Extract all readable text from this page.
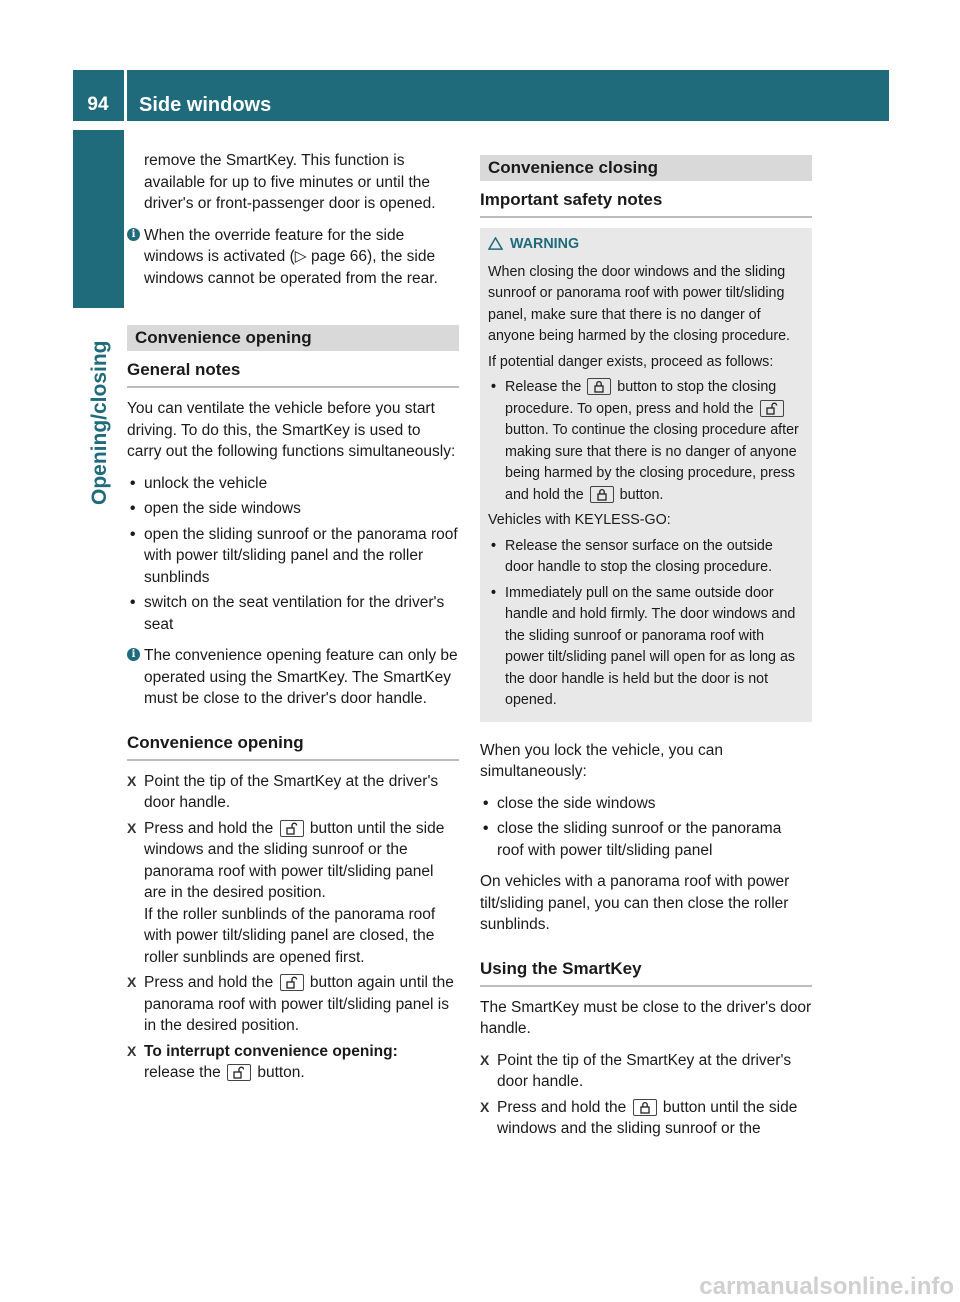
94	Side windows
Opening/closing

remove the SmartKey. This function is available for up to five minutes or until the driver's or front-passenger door is opened.

i When the override feature for the side windows is activated (▷ page 66), the side windows cannot be operated from the rear.
Convenience opening
General notes

You can ventilate the vehicle before you start driving. To do this, the SmartKey is used to carry out the following functions simultaneously:

• unlock the vehicle
• open the side windows
• open the sliding sunroof or the panorama roof with power tilt/sliding panel and the roller sunblinds
• switch on the seat ventilation for the driver's seat
i The convenience opening feature can only be operated using the SmartKey. The SmartKey must be close to the driver's door handle.
Convenience opening
X Point the tip of the SmartKey at the driver's door handle.
X Press and hold the button until the side windows and the sliding sunroof or the panorama roof with power tilt/sliding panel are in the desired position.
If the roller sunblinds of the panorama roof with power tilt/sliding panel are closed, the roller sunblinds are opened first.
X Press and hold the button again until the panorama roof with power tilt/sliding panel is in the desired position.
X To interrupt convenience opening:
release the button.
Convenience closing
Important safety notes
WARNING

When closing the door windows and the sliding sunroof or panorama roof with power tilt/sliding panel, make sure that there is no danger of anyone being harmed by the closing procedure.

If potential danger exists, proceed as follows:

• Release the	button to stop the closing procedure. To open, press and hold the  button. To continue the closing procedure after making sure that there is no danger of anyone being harmed by the closing procedure, press and hold the	button.

Vehicles with KEYLESS-GO:

• Release the sensor surface on the outside door handle to stop the closing procedure.
• Immediately pull on the same outside door handle and hold firmly. The door windows and the sliding sunroof or panorama roof with power tilt/sliding panel will open for as long as the door handle is held but the door is not opened.

When you lock the vehicle, you can simultaneously:

• close the side windows
• close the sliding sunroof or the panorama roof with power tilt/sliding panel

On vehicles with a panorama roof with power tilt/sliding panel, you can then close the roller sunblinds.

Using the SmartKey

The SmartKey must be close to the driver's door handle.

X Point the tip of the SmartKey at the driver's door handle.
X Press and hold the button until the side windows and the sliding sunroof or the
carmanualsonline.info
